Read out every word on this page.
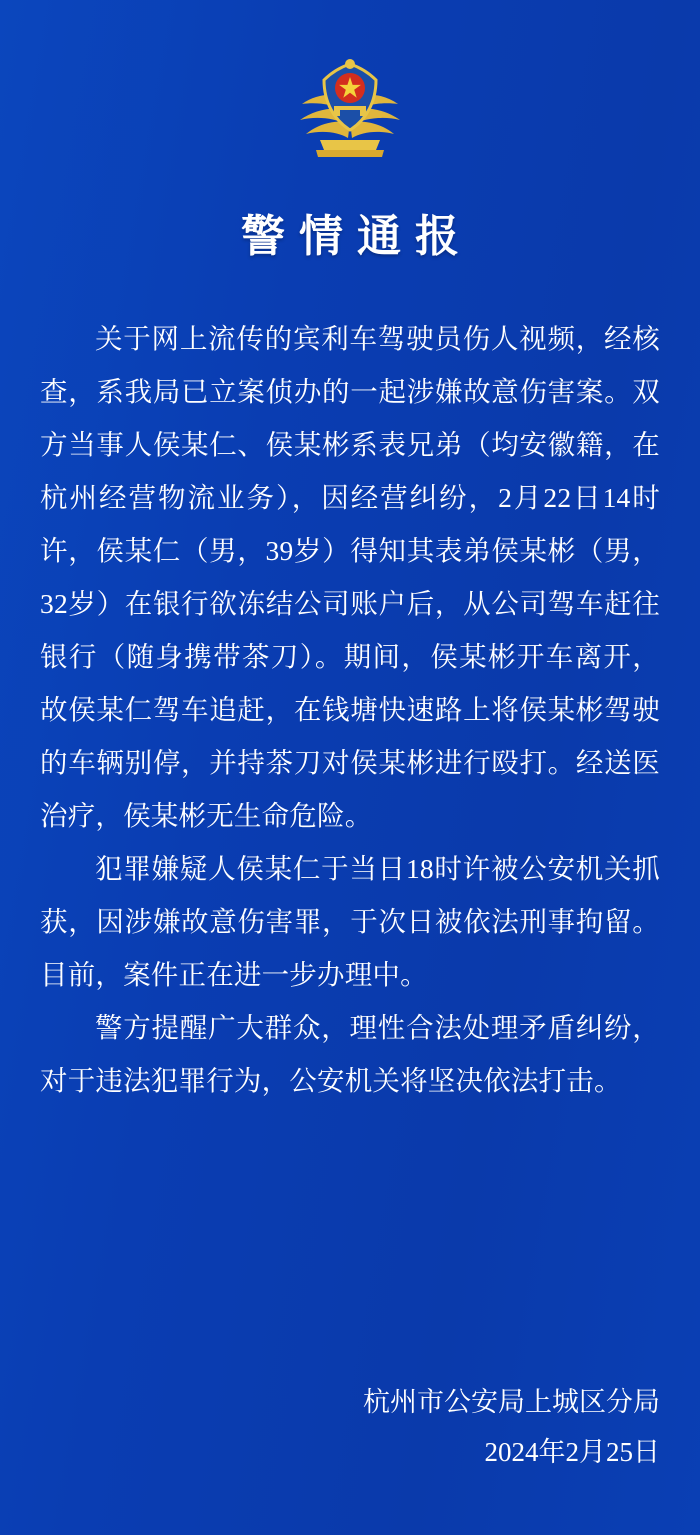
警情通报

关于网上流传的宾利车驾驶员伤人视频，经核查，系我局已立案侦办的一起涉嫌故意伤害案。双方当事人侯某仁、侯某彬系表兄弟（均安徽籍，在杭州经营物流业务），因经营纠纷，2月22日14时许，侯某仁（男，39岁）得知其表弟侯某彬（男，32岁）在银行欲冻结公司账户后，从公司驾车赶往银行（随身携带茶刀）。期间，侯某彬开车离开，故侯某仁驾车追赶，在钱塘快速路上将侯某彬驾驶的车辆别停，并持茶刀对侯某彬进行殴打。经送医治疗，侯某彬无生命危险。

犯罪嫌疑人侯某仁于当日18时许被公安机关抓获，因涉嫌故意伤害罪，于次日被依法刑事拘留。目前，案件正在进一步办理中。

警方提醒广大群众，理性合法处理矛盾纠纷，对于违法犯罪行为，公安机关将坚决依法打击。

杭州市公安局上城区分局
2024年2月25日
